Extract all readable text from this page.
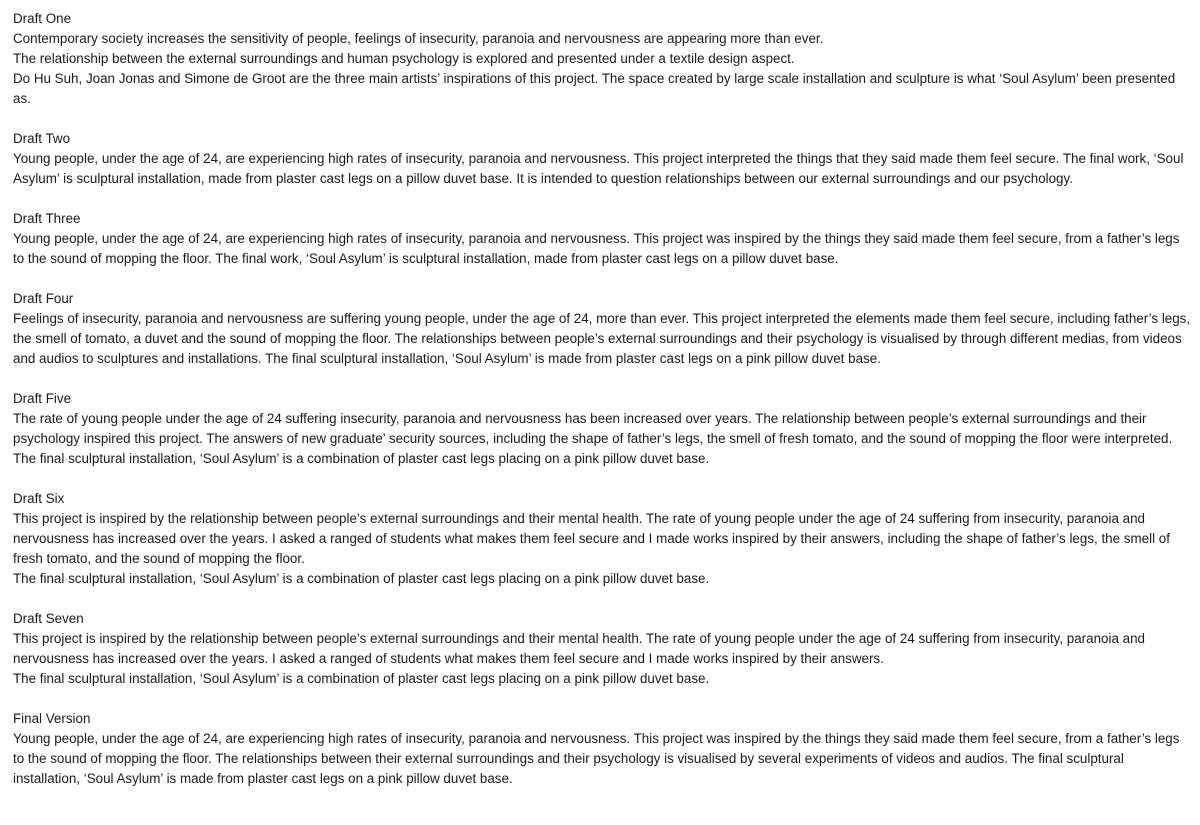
Draft One

Contemporary society increases the sensitivity of people, feelings of insecurity, paranoia and nervousness are appearing more than ever.

The relationship between the external surroundings and human psychology is explored and presented under a textile design aspect.

Do Hu Suh, Joan Jonas and Simone de Groot are the three main artists’ inspirations of this project. The space created by large scale installation and sculpture is what ‘Soul Asylum’ been presented as.

Draft Two

Young people, under the age of 24, are experiencing high rates of insecurity, paranoia and nervousness. This project interpreted the things that they said made them feel secure. The final work, ‘Soul Asylum’ is sculptural installation, made from plaster cast legs on a pillow duvet base. It is intended to question relationships between our external surroundings and our psychology.

Draft Three

Young people, under the age of 24, are experiencing high rates of insecurity, paranoia and nervousness. This project was inspired by the things they said made them feel secure, from a father’s legs to the sound of mopping the floor. The final work, ‘Soul Asylum’ is sculptural installation, made from plaster cast legs on a pillow duvet base.

Draft Four

Feelings of insecurity, paranoia and nervousness are suffering young people, under the age of 24, more than ever. This project interpreted the elements made them feel secure, including father’s legs, the smell of tomato, a duvet and the sound of mopping the floor. The relationships between people’s external surroundings and their psychology is visualised by through different medias, from videos and audios to sculptures and installations. The final sculptural installation, ‘Soul Asylum’ is made from plaster cast legs on a pink pillow duvet base.

Draft Five

The rate of young people under the age of 24 suffering insecurity, paranoia and nervousness has been increased over years. The relationship between people’s external surroundings and their psychology inspired this project. The answers of new graduate’ security sources, including the shape of father’s legs, the smell of fresh tomato, and the sound of mopping the floor were interpreted.

The final sculptural installation, ‘Soul Asylum’ is a combination of plaster cast legs placing on a pink pillow duvet base.

Draft Six

This project is inspired by the relationship between people’s external surroundings and their mental health. The rate of young people under the age of 24 suffering from insecurity, paranoia and nervousness has increased over the years. I asked a ranged of students what makes them feel secure and I made works inspired by their answers, including the shape of father’s legs, the smell of fresh tomato, and the sound of mopping the floor.

The final sculptural installation, ‘Soul Asylum’ is a combination of plaster cast legs placing on a pink pillow duvet base.

Draft Seven

This project is inspired by the relationship between people’s external surroundings and their mental health. The rate of young people under the age of 24 suffering from insecurity, paranoia and nervousness has increased over the years. I asked a ranged of students what makes them feel secure and I made works inspired by their answers.

The final sculptural installation, ‘Soul Asylum’ is a combination of plaster cast legs placing on a pink pillow duvet base.

Final Version

Young people, under the age of 24, are experiencing high rates of insecurity, paranoia and nervousness. This project was inspired by the things they said made them feel secure, from a father’s legs to the sound of mopping the floor. The relationships between their external surroundings and their psychology is visualised by several experiments of videos and audios. The final sculptural installation, ‘Soul Asylum’ is made from plaster cast legs on a pink pillow duvet base.
